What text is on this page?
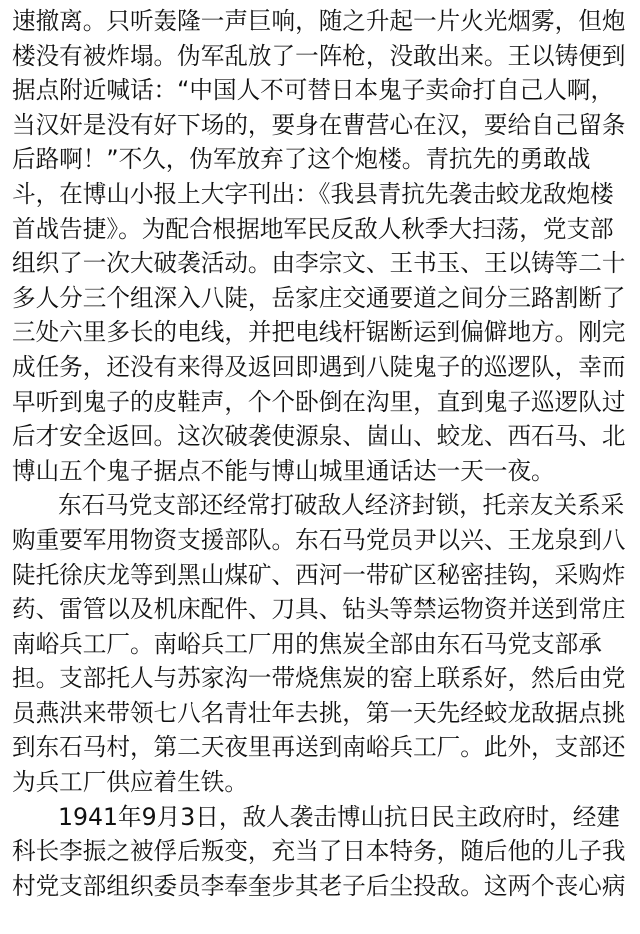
速撤离。只听轰隆一声巨响，随之升起一片火光烟雾，但炮
楼没有被炸塌。伪军乱放了一阵枪，没敢出来。王以铸便到
据点附近喊话：“中国人不可替日本鬼子卖命打自己人啊，
当汉奸是没有好下场的，要身在曹营心在汉，要给自己留条
后路啊！”不久，伪军放弃了这个炮楼。青抗先的勇敢战
斗，在博山小报上大字刊出：《我县青抗先袭击蛟龙敌炮楼
首战告捷》。为配合根据地军民反敌人秋季大扫荡，党支部
组织了一次大破袭活动。由李宗文、王书玉、王以铸等二十
多人分三个组深入八陡，岳家庄交通要道之间分三路割断了
三处六里多长的电线，并把电线杆锯断运到偏僻地方。刚完
成任务，还没有来得及返回即遇到八陡鬼子的巡逻队，幸而
早听到鬼子的皮鞋声，个个卧倒在沟里，直到鬼子巡逻队过
后才安全返回。这次破袭使源泉、崮山、蛟龙、西石马、北
博山五个鬼子据点不能与博山城里通话达一天一夜。
东石马党支部还经常打破敌人经济封锁，托亲友关系采
购重要军用物资支援部队。东石马党员尹以兴、王龙泉到八
陡托徐庆龙等到黑山煤矿、西河一带矿区秘密挂钩，采购炸
药、雷管以及机床配件、刀具、钻头等禁运物资并送到常庄
南峪兵工厂。南峪兵工厂用的焦炭全部由东石马党支部承
担。支部托人与苏家沟一带烧焦炭的窑上联系好，然后由党
员燕洪来带领七八名青壮年去挑，第一天先经蛟龙敌据点挑
到东石马村，第二天夜里再送到南峪兵工厂。此外，支部还
为兵工厂供应着生铁。
1941年9月3日，敌人袭击博山抗日民主政府时，经建
科长李振之被俘后叛变，充当了日本特务，随后他的儿子我
村党支部组织委员李奉奎步其老子后尘投敌。这两个丧心病
